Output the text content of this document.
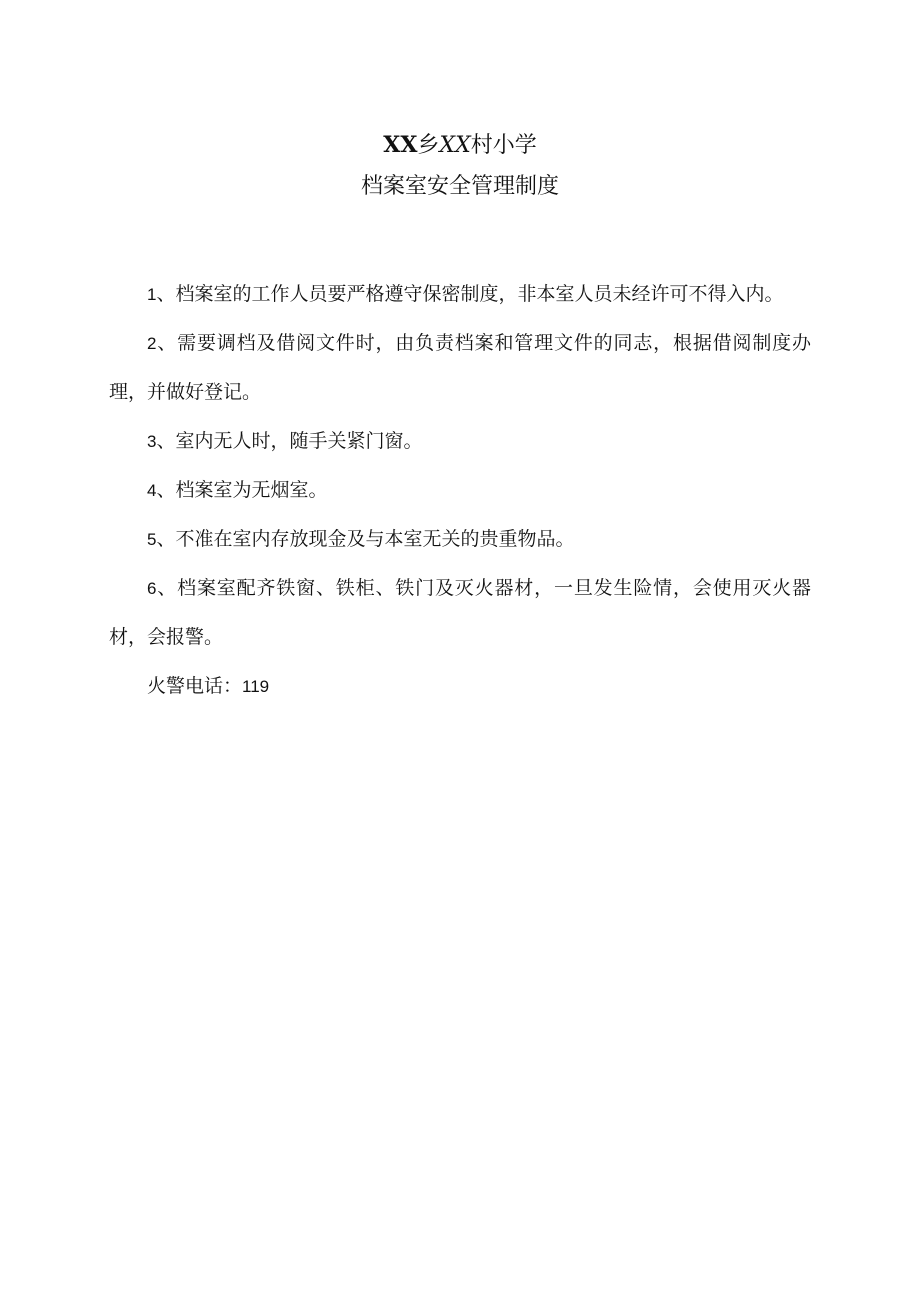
XX乡XX村小学
档案室安全管理制度

1、档案室的工作人员要严格遵守保密制度，非本室人员未经许可不得入内。

2、需要调档及借阅文件时，由负责档案和管理文件的同志，根据借阅制度办理，并做好登记。

3、室内无人时，随手关紧门窗。

4、档案室为无烟室。

5、不准在室内存放现金及与本室无关的贵重物品。

6、档案室配齐铁窗、铁柜、铁门及灭火器材，一旦发生险情，会使用灭火器材，会报警。

火警电话：119
